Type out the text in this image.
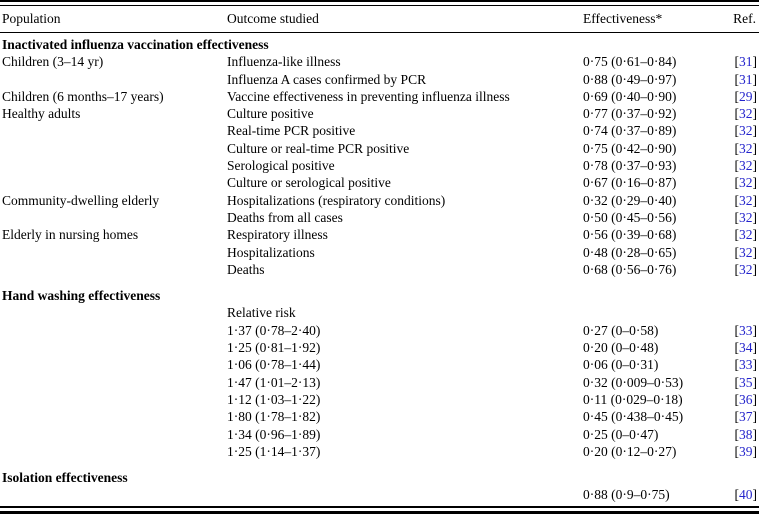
Population	Outcome studied	Effectiveness*	Ref.
Inactivated influenza vaccination effectiveness			
Children (3–14 yr)	Influenza-like illness	0·75 (0·61–0·84)	[31]
	Influenza A cases confirmed by PCR	0·88 (0·49–0·97)	[31]
Children (6 months–17 years)	Vaccine effectiveness in preventing influenza illness	0·69 (0·40–0·90)	[29]
Healthy adults	Culture positive	0·77 (0·37–0·92)	[32]
	Real-time PCR positive	0·74 (0·37–0·89)	[32]
	Culture or real-time PCR positive	0·75 (0·42–0·90)	[32]
	Serological positive	0·78 (0·37–0·93)	[32]
	Culture or serological positive	0·67 (0·16–0·87)	[32]
Community-dwelling elderly	Hospitalizations (respiratory conditions)	0·32 (0·29–0·40)	[32]
	Deaths from all cases	0·50 (0·45–0·56)	[32]
Elderly in nursing homes	Respiratory illness	0·56 (0·39–0·68)	[32]
	Hospitalizations	0·48 (0·28–0·65)	[32]
	Deaths	0·68 (0·56–0·76)	[32]
Hand washing effectiveness			
	Relative risk		
	1·37 (0·78–2·40)	0·27 (0–0·58)	[33]
	1·25 (0·81–1·92)	0·20 (0–0·48)	[34]
	1·06 (0·78–1·44)	0·06 (0–0·31)	[33]
	1·47 (1·01–2·13)	0·32 (0·009–0·53)	[35]
	1·12 (1·03–1·22)	0·11 (0·029–0·18)	[36]
	1·80 (1·78–1·82)	0·45 (0·438–0·45)	[37]
	1·34 (0·96–1·89)	0·25 (0–0·47)	[38]
	1·25 (1·14–1·37)	0·20 (0·12–0·27)	[39]
Isolation effectiveness			
		0·88 (0·9–0·75)	[40]
